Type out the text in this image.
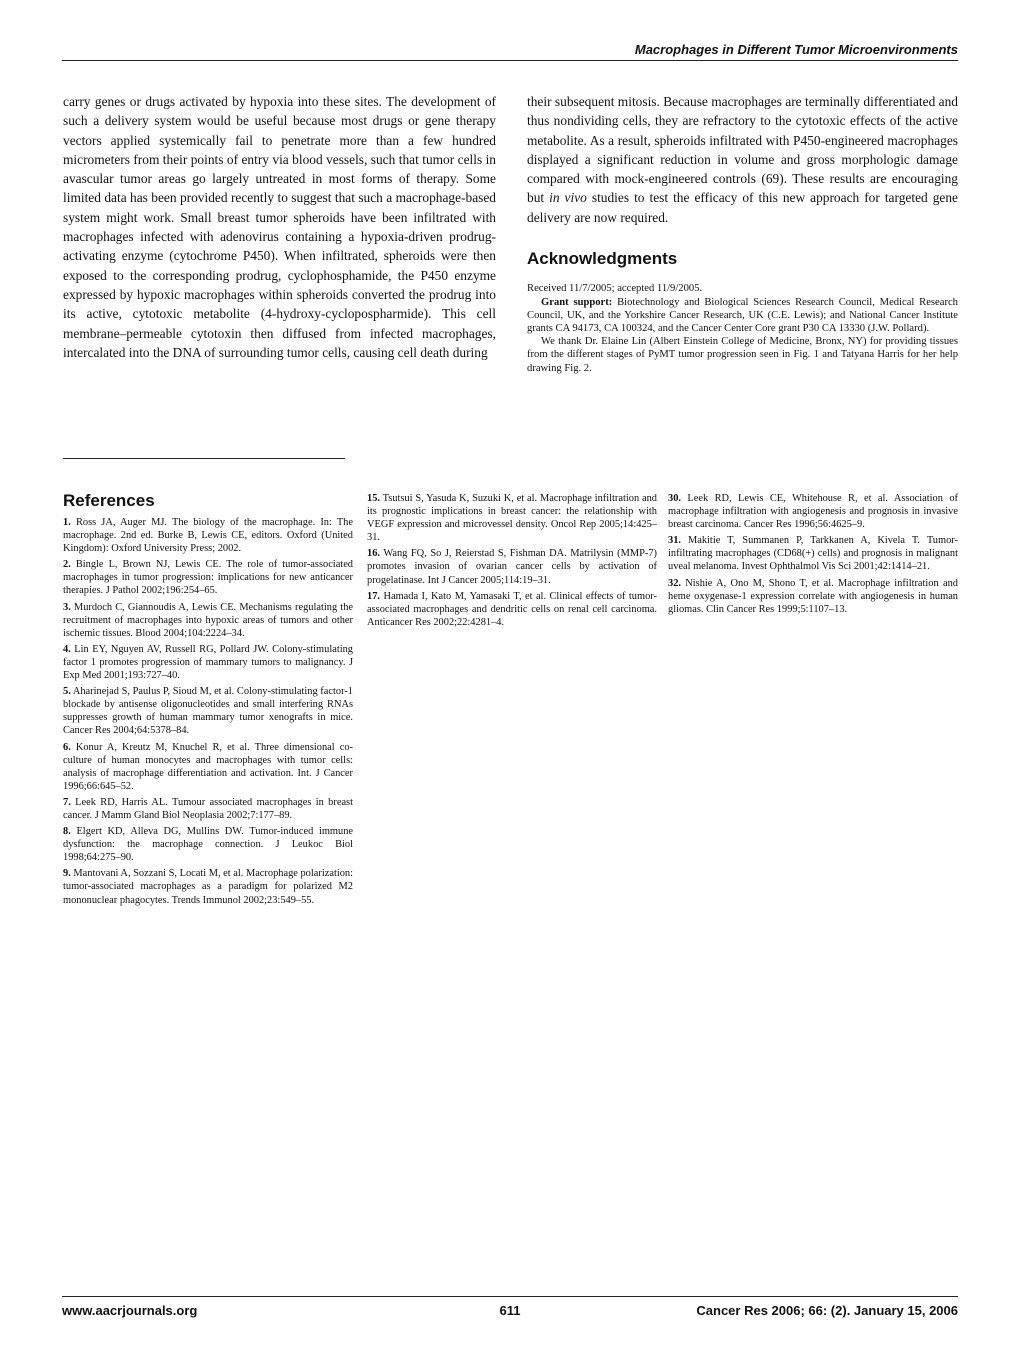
Macrophages in Different Tumor Microenvironments

carry genes or drugs activated by hypoxia into these sites. The development of such a delivery system would be useful because most drugs or gene therapy vectors applied systemically fail to penetrate more than a few hundred micrometers from their points of entry via blood vessels, such that tumor cells in avascular tumor areas go largely untreated in most forms of therapy. Some limited data has been provided recently to suggest that such a macrophage-based system might work. Small breast tumor spheroids have been infiltrated with macrophages infected with adenovirus containing a hypoxia-driven prodrug-activating enzyme (cytochrome P450). When infiltrated, spheroids were then exposed to the corresponding prodrug, cyclophosphamide, the P450 enzyme expressed by hypoxic macrophages within spheroids converted the prodrug into its active, cytotoxic metabolite (4-hydroxy-cyclopospharmide). This cell membrane–permeable cytotoxin then diffused from infected macrophages, intercalated into the DNA of surrounding tumor cells, causing cell death during

their subsequent mitosis. Because macrophages are terminally differentiated and thus nondividing cells, they are refractory to the cytotoxic effects of the active metabolite. As a result, spheroids infiltrated with P450-engineered macrophages displayed a significant reduction in volume and gross morphologic damage compared with mock-engineered controls (69). These results are encouraging but in vivo studies to test the efficacy of this new approach for targeted gene delivery are now required.

Acknowledgments

Received 11/7/2005; accepted 11/9/2005.

Grant support: Biotechnology and Biological Sciences Research Council, Medical Research Council, UK, and the Yorkshire Cancer Research, UK (C.E. Lewis); and National Cancer Institute grants CA 94173, CA 100324, and the Cancer Center Core grant P30 CA 13330 (J.W. Pollard).

We thank Dr. Elaine Lin (Albert Einstein College of Medicine, Bronx, NY) for providing tissues from the different stages of PyMT tumor progression seen in Fig. 1 and Tatyana Harris for her help drawing Fig. 2.

References

1. Ross JA, Auger MJ. The biology of the macrophage. In: The macrophage. 2nd ed. Burke B, Lewis CE, editors. Oxford (United Kingdom): Oxford University Press; 2002.

2. Bingle L, Brown NJ, Lewis CE. The role of tumor-associated macrophages in tumor progression: implications for new anticancer therapies. J Pathol 2002;196:254–65.

3. Murdoch C, Giannoudis A, Lewis CE. Mechanisms regulating the recruitment of macrophages into hypoxic areas of tumors and other ischemic tissues. Blood 2004;104:2224–34.

4. Lin EY, Nguyen AV, Russell RG, Pollard JW. Colony-stimulating factor 1 promotes progression of mammary tumors to malignancy. J Exp Med 2001;193:727–40.

5. Aharinejad S, Paulus P, Sioud M, et al. Colony-stimulating factor-1 blockade by antisense oligonucleotides and small interfering RNAs suppresses growth of human mammary tumor xenografts in mice. Cancer Res 2004;64:5378–84.

6. Konur A, Kreutz M, Knuchel R, et al. Three dimensional co-culture of human monocytes and macrophages with tumor cells: analysis of macrophage differentiation and activation. Int. J Cancer 1996;66:645–52.

7. Leek RD, Harris AL. Tumour associated macrophages in breast cancer. J Mamm Gland Biol Neoplasia 2002;7:177–89.

8. Elgert KD, Alleva DG, Mullins DW. Tumor-induced immune dysfunction: the macrophage connection. J Leukoc Biol 1998;64:275–90.

9. Mantovani A, Sozzani S, Locati M, et al. Macrophage polarization: tumor-associated macrophages as a paradigm for polarized M2 mononuclear phagocytes. Trends Immunol 2002;23:549–55.

15. Tsutsui S, Yasuda K, Suzuki K, et al. Macrophage infiltration and its prognostic implications in breast cancer: the relationship with VEGF expression and microvessel density. Oncol Rep 2005;14:425–31.

16. Wang FQ, So J, Reierstad S, Fishman DA. Matrilysin (MMP-7) promotes invasion of ovarian cancer cells by activation of progelatinase. Int J Cancer 2005;114:19–31.

17. Hamada I, Kato M, Yamasaki T, et al. Clinical effects of tumor-associated macrophages and dendritic cells on renal cell carcinoma. Anticancer Res 2002;22:4281–4.

30. Leek RD, Lewis CE, Whitehouse R, et al. Association of macrophage infiltration with angiogenesis and prognosis in invasive breast carcinoma. Cancer Res 1996;56:4625–9.

31. Makitie T, Summanen P, Tarkkanen A, Kivela T. Tumor-infiltrating macrophages (CD68(+) cells) and prognosis in malignant uveal melanoma. Invest Ophthalmol Vis Sci 2001;42:1414–21.

32. Nishie A, Ono M, Shono T, et al. Macrophage infiltration and heme oxygenase-1 expression correlate with angiogenesis in human gliomas. Clin Cancer Res 1999;5:1107–13.

www.aacrjournals.org	611	Cancer Res 2006; 66: (2). January 15, 2006
